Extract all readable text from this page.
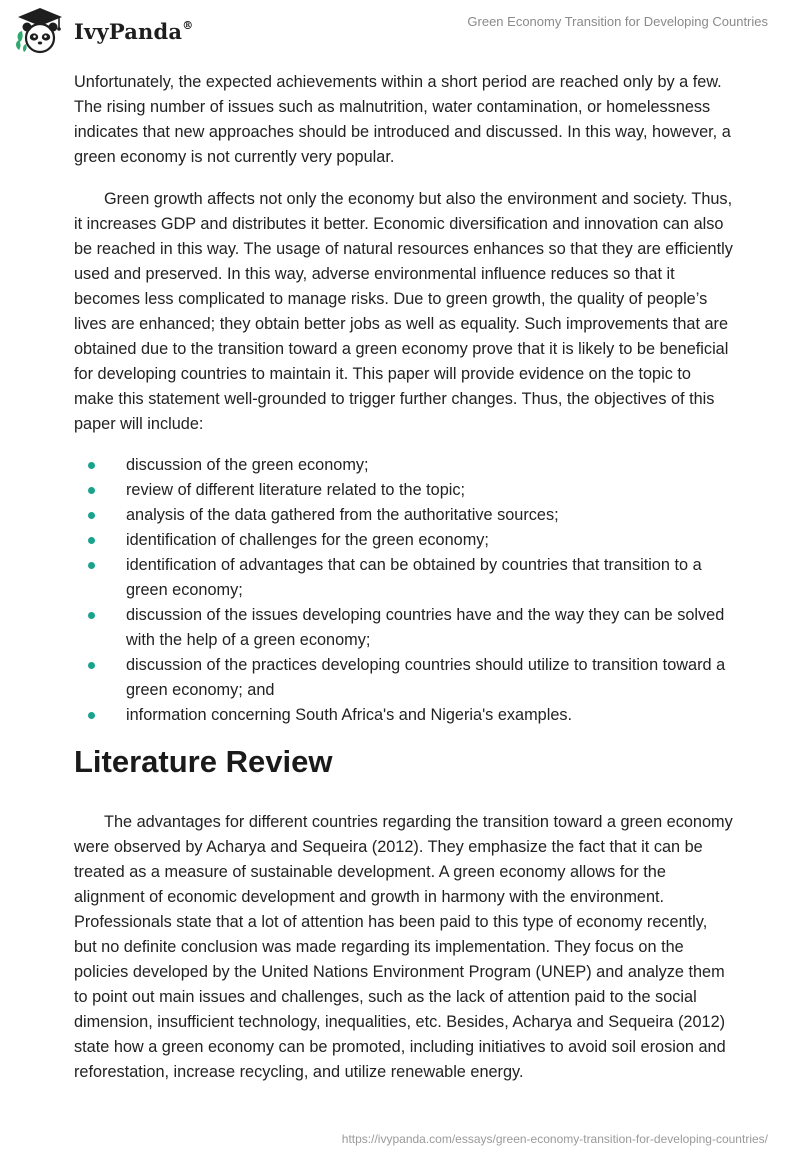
IvyPanda®	Green Economy Transition for Developing Countries

Unfortunately, the expected achievements within a short period are reached only by a few. The rising number of issues such as malnutrition, water contamination, or homelessness indicates that new approaches should be introduced and discussed. In this way, however, a green economy is not currently very popular.

Green growth affects not only the economy but also the environment and society. Thus, it increases GDP and distributes it better. Economic diversification and innovation can also be reached in this way. The usage of natural resources enhances so that they are efficiently used and preserved. In this way, adverse environmental influence reduces so that it becomes less complicated to manage risks. Due to green growth, the quality of people’s lives are enhanced; they obtain better jobs as well as equality. Such improvements that are obtained due to the transition toward a green economy prove that it is likely to be beneficial for developing countries to maintain it. This paper will provide evidence on the topic to make this statement well-grounded to trigger further changes. Thus, the objectives of this paper will include:

discussion of the green economy;
review of different literature related to the topic;
analysis of the data gathered from the authoritative sources;
identification of challenges for the green economy;
identification of advantages that can be obtained by countries that transition to a green economy;
discussion of the issues developing countries have and the way they can be solved with the help of a green economy;
discussion of the practices developing countries should utilize to transition toward a green economy; and
information concerning South Africa's and Nigeria's examples.
Literature Review

The advantages for different countries regarding the transition toward a green economy were observed by Acharya and Sequeira (2012). They emphasize the fact that it can be treated as a measure of sustainable development. A green economy allows for the alignment of economic development and growth in harmony with the environment. Professionals state that a lot of attention has been paid to this type of economy recently, but no definite conclusion was made regarding its implementation. They focus on the policies developed by the United Nations Environment Program (UNEP) and analyze them to point out main issues and challenges, such as the lack of attention paid to the social dimension, insufficient technology, inequalities, etc. Besides, Acharya and Sequeira (2012) state how a green economy can be promoted, including initiatives to avoid soil erosion and reforestation, increase recycling, and utilize renewable energy.

https://ivypanda.com/essays/green-economy-transition-for-developing-countries/
